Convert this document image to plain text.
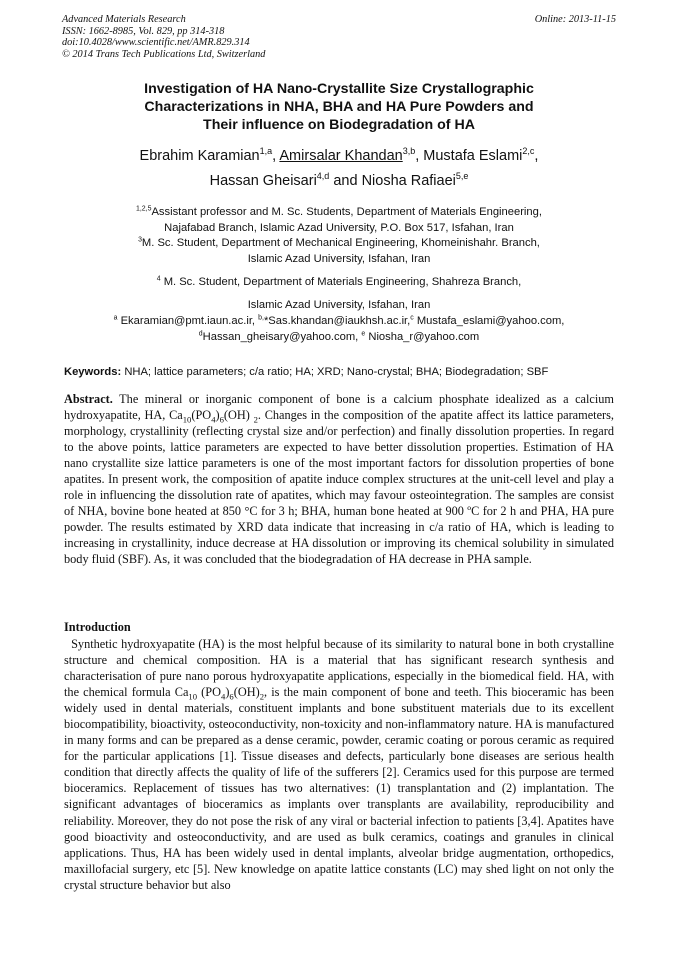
Advanced Materials Research
ISSN: 1662-8985, Vol. 829, pp 314-318
doi:10.4028/www.scientific.net/AMR.829.314
© 2014 Trans Tech Publications Ltd, Switzerland
Online: 2013-11-15
Investigation of HA Nano-Crystallite Size Crystallographic
Characterizations in NHA, BHA and HA Pure Powders and
Their influence on Biodegradation of HA
Ebrahim Karamian$^{1,a}$, Amirsalar Khandan$^{3,b}$, Mustafa Eslami$^{2,c}$,
Hassan Gheisari$^{4,d}$ and Niosha Rafiaei$^{5,e}$
$^{1,2,5}$Assistant professor and M. Sc. Students, Department of Materials Engineering,
Najafabad Branch, Islamic Azad University, P.O. Box 517, Isfahan, Iran
$^3$M. Sc. Student, Department of Mechanical Engineering, Khomeinishahr. Branch,
Islamic Azad University, Isfahan, Iran
$^4$ M. Sc. Student, Department of Materials Engineering, Shahreza Branch,
Islamic Azad University, Isfahan, Iran
$^a$ Ekaramian@pmt.iaun.ac.ir, $^{b,}$*Sas.khandan@iaukhsh.ac.ir,$^c$ Mustafa_eslami@yahoo.com,
$^d$Hassan_gheisary@yahoo.com, $^e$ Niosha_r@yahoo.com
Keywords: NHA; lattice parameters; c/a ratio; HA; XRD; Nano-crystal; BHA; Biodegradation; SBF
Abstract. The mineral or inorganic component of bone is a calcium phosphate idealized as a calcium hydroxyapatite, HA, $Ca_{10}(PO_4)_6(OH)$ $_2$. Changes in the composition of the apatite affect its lattice parameters, morphology, crystallinity (reflecting crystal size and/or perfection) and finally dissolution properties. In regard to the above points, lattice parameters are expected to have better dissolution properties. Estimation of HA nano crystallite size lattice parameters is one of the most important factors for dissolution properties of bone apatites. In present work, the composition of apatite induce complex structures at the unit-cell level and play a role in influencing the dissolution rate of apatites, which may favour osteointegration. The samples are consist of NHA, bovine bone heated at 850 °C for 3 h; BHA, human bone heated at 900 ºC for 2 h and PHA, HA pure powder. The results estimated by XRD data indicate that increasing in c/a ratio of HA, which is leading to increasing in crystallinity, induce decrease at HA dissolution or improving its chemical solubility in simulated body fluid (SBF). As, it was concluded that the biodegradation of HA decrease in PHA sample.
Introduction
Synthetic hydroxyapatite (HA) is the most helpful because of its similarity to natural bone in both crystalline structure and chemical composition. HA is a material that has significant research synthesis and characterisation of pure nano porous hydroxyapatite applications, especially in the biomedical field. HA, with the chemical formula $Ca_{10}$ $(PO_4)_6(OH)_2$, is the main component of bone and teeth. This bioceramic has been widely used in dental materials, constituent implants and bone substituent materials due to its excellent biocompatibility, bioactivity, osteoconductivity, non-toxicity and non-inflammatory nature. HA is manufactured in many forms and can be prepared as a dense ceramic, powder, ceramic coating or porous ceramic as required for the particular applications [1]. Tissue diseases and defects, particularly bone diseases are serious health condition that directly affects the quality of life of the sufferers [2]. Ceramics used for this purpose are termed bioceramics. Replacement of tissues has two alternatives: (1) transplantation and (2) implantation. The significant advantages of bioceramics as implants over transplants are availability, reproducibility and reliability. Moreover, they do not pose the risk of any viral or bacterial infection to patients [3,4]. Apatites have good bioactivity and osteoconductivity, and are used as bulk ceramics, coatings and granules in clinical applications. Thus, HA has been widely used in dental implants, alveolar bridge augmentation, orthopedics, maxillofacial surgery, etc [5]. New knowledge on apatite lattice constants (LC) may shed light on not only the crystal structure behavior but also
